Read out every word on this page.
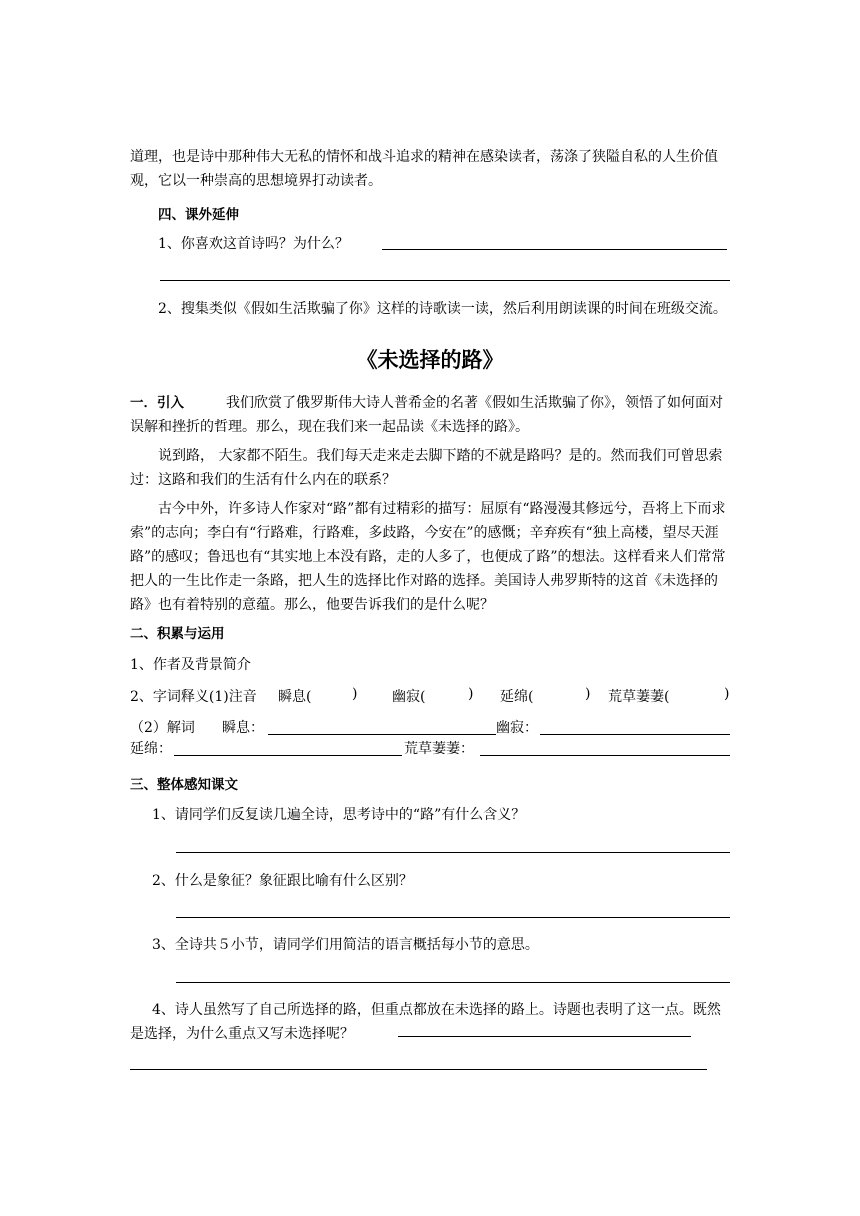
道理，也是诗中那种伟大无私的情怀和战斗追求的精神在感染读者，荡涤了狭隘自私的人生价值观，它以一种崇高的思想境界打动读者。
四、课外延伸
1、你喜欢这首诗吗？为什么？
2、搜集类似《假如生活欺骗了你》这样的诗歌读一读，然后利用朗读课的时间在班级交流。
《未选择的路》
一．引入	我们欣赏了俄罗斯伟大诗人普希金的名著《假如生活欺骗了你》，领悟了如何面对误解和挫折的哲理。那么，现在我们来一起品读《未选择的路》。
说到路， 大家都不陌生。我们每天走来走去脚下踏的不就是路吗？是的。然而我们可曾思索过：这路和我们的生活有什么内在的联系？
古今中外，许多诗人作家对“路”都有过精彩的描写：屈原有“路漫漫其修远兮，吾将上下而求索”的志向；李白有“行路难，行路难，多歧路，今安在”的感慨；辛弃疾有“独上高楼，望尽天涯路”的感叹；鲁迅也有“其实地上本没有路，走的人多了，也便成了路”的想法。这样看来人们常常把人的一生比作走一条路，把人生的选择比作对路的选择。美国诗人弗罗斯特的这首《未选择的路》也有着特别的意蕴。那么，他要告诉我们的是什么呢？
二、积累与运用
1、作者及背景简介
2、字词释义(1)注音 瞬息(	) 幽寂(	) 延绵(	) 荒草萋萋(	)
（2）解词 瞬息：	幽寂：
延绵：	荒草萋萋：
三、整体感知课文
1、请同学们反复读几遍全诗，思考诗中的“路”有什么含义？
2、什么是象征？象征跟比喻有什么区别？
3、全诗共５小节，请同学们用简洁的语言概括每小节的意思。
4、诗人虽然写了自己所选择的路，但重点都放在未选择的路上。诗题也表明了这一点。既然是选择，为什么重点又写未选择呢？
